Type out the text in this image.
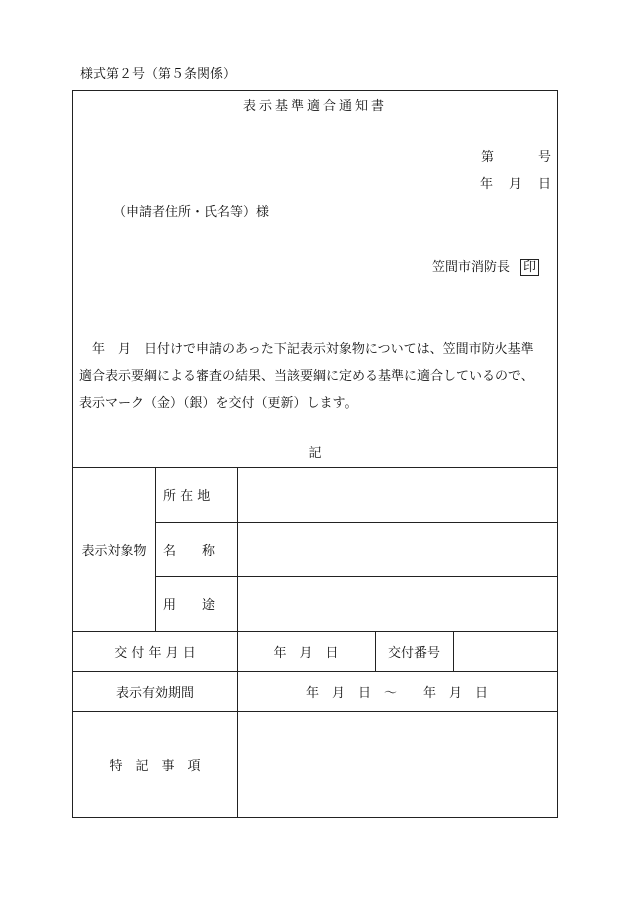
様式第２号（第５条関係）
表示基準適合通知書
第	号
年 月 日
（申請者住所・氏名等）様
笠間市消防長 印
年　月　日付けで申請のあった下記表示対象物については、笠間市防火基準
適合表示要綱による審査の結果、当該要綱に定める基準に適合しているので、
表示マーク（金）（銀）を交付（更新）します。
記
表示対象物
所 在 地
名　　称
用　　途
交 付 年 月 日	年　月　日	交付番号
表示有効期間	年　月　日　～　　年　月　日
特　記　事　項
